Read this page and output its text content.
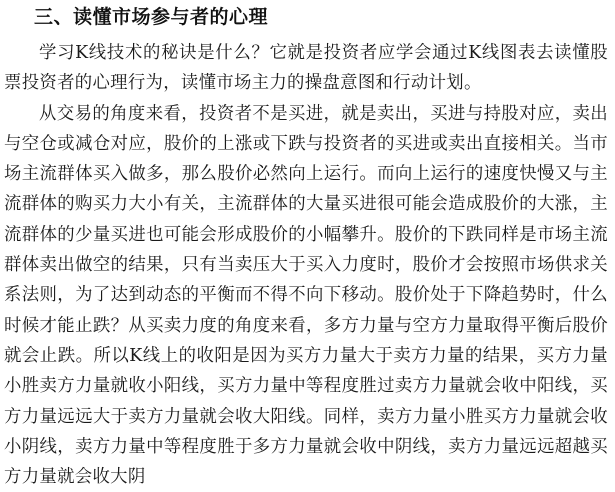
三、读懂市场参与者的心理

学习K线技术的秘诀是什么？它就是投资者应学会通过K线图表去读懂股票投资者的心理行为，读懂市场主力的操盘意图和行动计划。

从交易的角度来看，投资者不是买进，就是卖出，买进与持股对应，卖出与空仓或减仓对应，股价的上涨或下跌与投资者的买进或卖出直接相关。当市场主流群体买入做多，那么股价必然向上运行。而向上运行的速度快慢又与主流群体的购买力大小有关，主流群体的大量买进很可能会造成股价的大涨，主流群体的少量买进也可能会形成股价的小幅攀升。股价的下跌同样是市场主流群体卖出做空的结果，只有当卖压大于买入力度时，股价才会按照市场供求关系法则，为了达到动态的平衡而不得不向下移动。股价处于下降趋势时，什么时候才能止跌？从买卖力度的角度来看，多方力量与空方力量取得平衡后股价就会止跌。所以K线上的收阳是因为买方力量大于卖方力量的结果，买方力量小胜卖方力量就收小阳线，买方力量中等程度胜过卖方力量就会收中阳线，买方力量远远大于卖方力量就会收大阳线。同样，卖方力量小胜买方力量就会收小阴线，卖方力量中等程度胜于多方力量就会收中阴线，卖方力量远远超越买方力量就会收大阴
